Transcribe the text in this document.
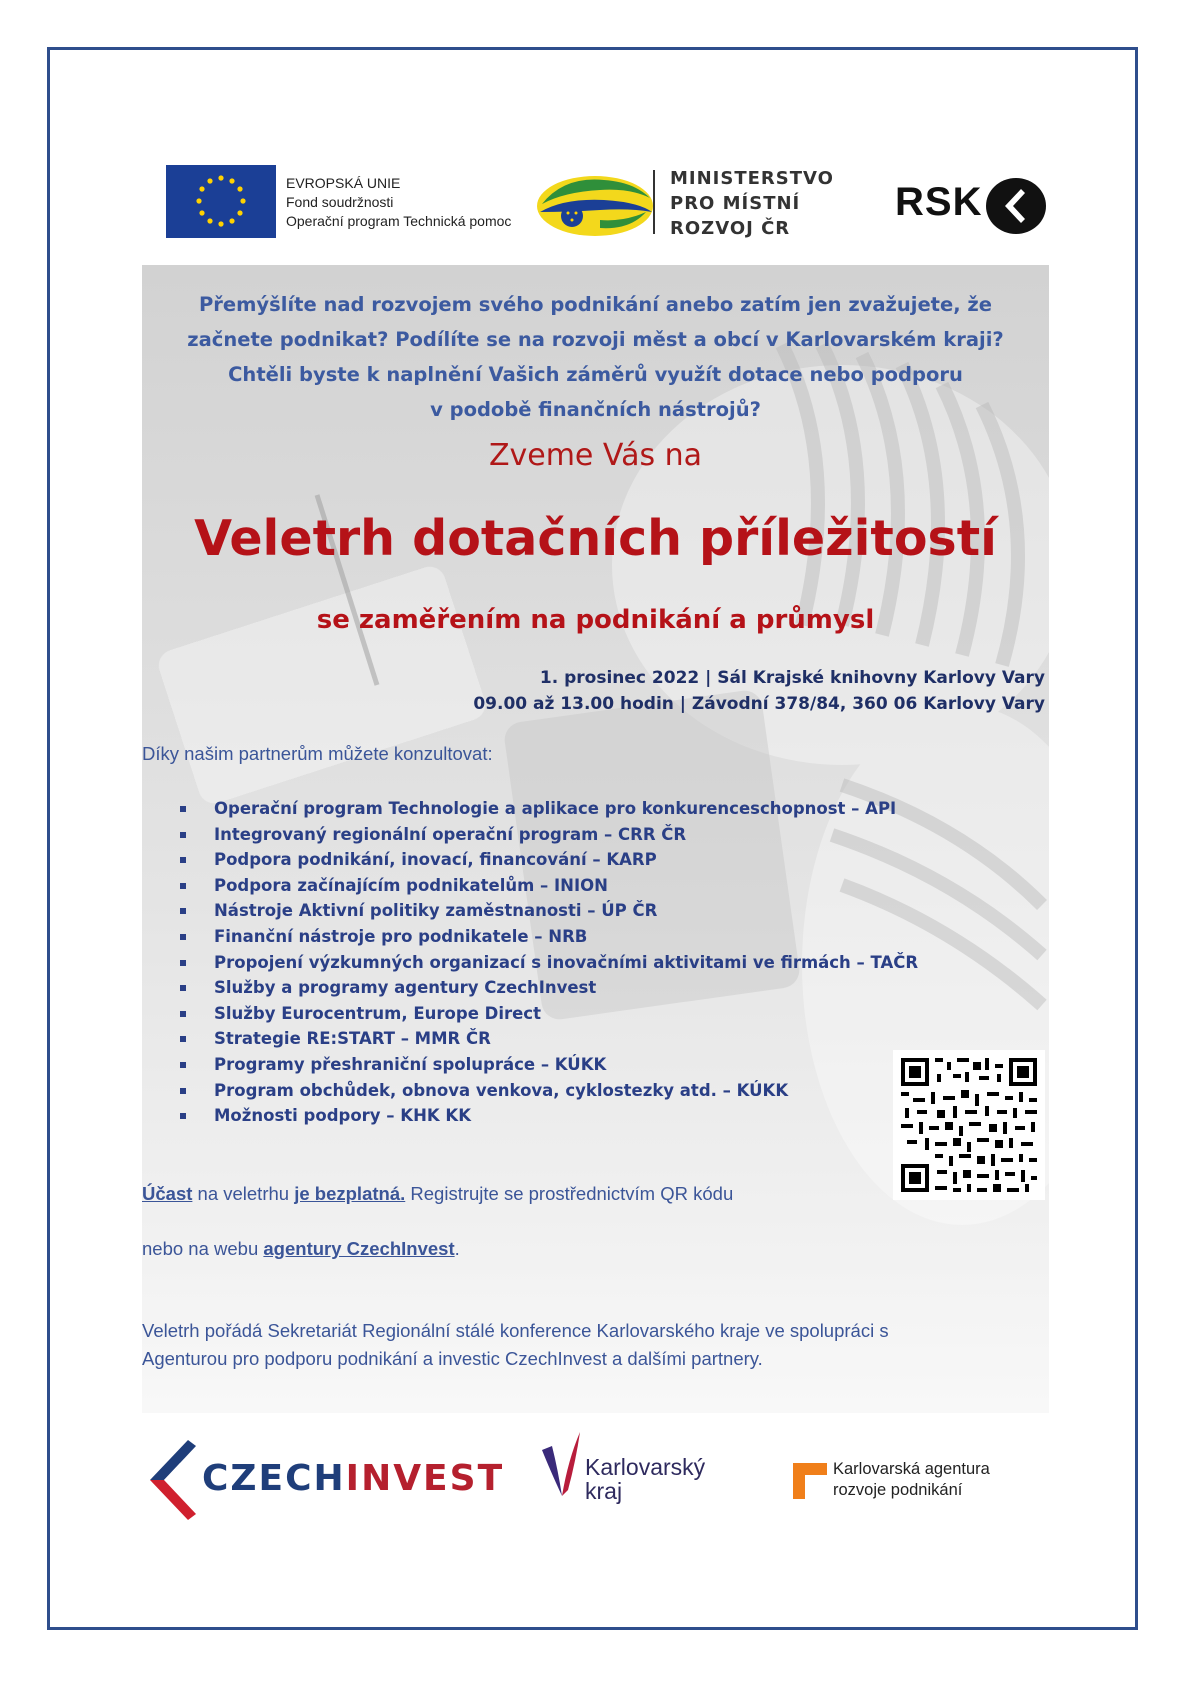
EVROPSKÁ UNIE
Fond soudržnosti
Operační program Technická pomoc
MINISTERSTVO
PRO MÍSTNÍ
ROZVOJ ČR
RSK
Přemýšlíte nad rozvojem svého podnikání anebo zatím jen zvažujete, že
začnete podnikat? Podílíte se na rozvoji měst a obcí v Karlovarském kraji?
Chtěli byste k naplnění Vašich záměrů využít dotace nebo podporu
v podobě finančních nástrojů?
Zveme Vás na
Veletrh dotačních příležitostí
se zaměřením na podnikání a průmysl
1. prosinec 2022 | Sál Krajské knihovny Karlovy Vary
09.00 až 13.00 hodin | Závodní 378/84, 360 06 Karlovy Vary
Díky našim partnerům můžete konzultovat:
Operační program Technologie a aplikace pro konkurenceschopnost – API
Integrovaný regionální operační program – CRR ČR
Podpora podnikání, inovací, financování – KARP
Podpora začínajícím podnikatelům – INION
Nástroje Aktivní politiky zaměstnanosti – ÚP ČR
Finanční nástroje pro podnikatele – NRB
Propojení výzkumných organizací s inovačními aktivitami ve firmách – TAČR
Služby a programy agentury CzechInvest
Služby Eurocentrum, Europe Direct
Strategie RE:START – MMR ČR
Programy přeshraniční spolupráce – KÚKK
Program obchůdek, obnova venkova, cyklostezky atd. – KÚKK
Možnosti podpory – KHK KK
Účast na veletrhu je bezplatná. Registrujte se prostřednictvím QR kódu
nebo na webu agentury CzechInvest.
Veletrh pořádá Sekretariát Regionální stálé konference Karlovarského kraje ve spolupráci s
Agenturou pro podporu podnikání a investic CzechInvest a dalšími partnery.
CZECHINVEST	Karlovarský
kraj
Karlovarská agentura
rozvoje podnikání
